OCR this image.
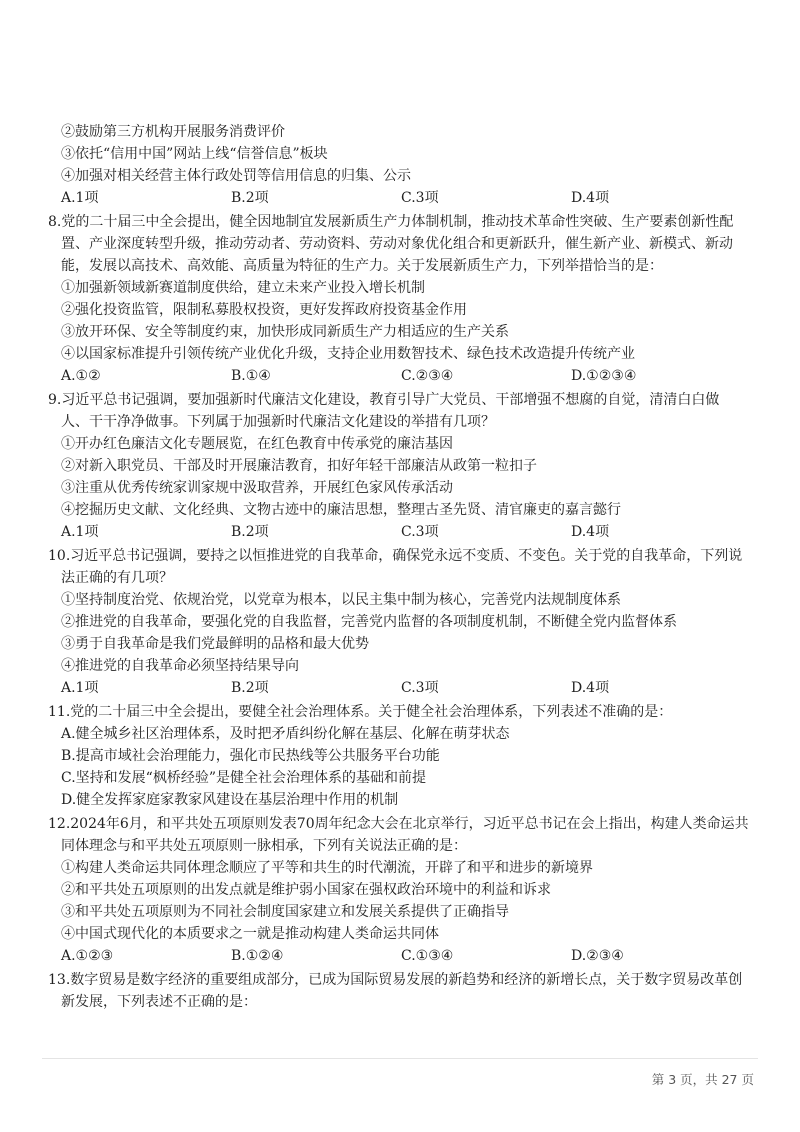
②鼓励第三方机构开展服务消费评价
③依托“信用中国”网站上线“信誉信息”板块
④加强对相关经营主体行政处罚等信用信息的归集、公示
A.1项	B.2项	C.3项	D.4项
8.党的二十届三中全会提出，健全因地制宜发展新质生产力体制机制，推动技术革命性突破、生产要素创新性配
置、产业深度转型升级，推动劳动者、劳动资料、劳动对象优化组合和更新跃升，催生新产业、新模式、新动
能，发展以高技术、高效能、高质量为特征的生产力。关于发展新质生产力，下列举措恰当的是：
①加强新领域新赛道制度供给，建立未来产业投入增长机制
②强化投资监管，限制私募股权投资，更好发挥政府投资基金作用
③放开环保、安全等制度约束，加快形成同新质生产力相适应的生产关系
④以国家标准提升引领传统产业优化升级，支持企业用数智技术、绿色技术改造提升传统产业
A.①②	B.①④	C.②③④	D.①②③④
9.习近平总书记强调，要加强新时代廉洁文化建设，教育引导广大党员、干部增强不想腐的自觉，清清白白做
人、干干净净做事。下列属于加强新时代廉洁文化建设的举措有几项？
①开办红色廉洁文化专题展览，在红色教育中传承党的廉洁基因
②对新入职党员、干部及时开展廉洁教育，扣好年轻干部廉洁从政第一粒扣子
③注重从优秀传统家训家规中汲取营养，开展红色家风传承活动
④挖掘历史文献、文化经典、文物古迹中的廉洁思想，整理古圣先贤、清官廉吏的嘉言懿行
A.1项	B.2项	C.3项	D.4项
10.习近平总书记强调，要持之以恒推进党的自我革命，确保党永远不变质、不变色。关于党的自我革命，下列说
法正确的有几项？
①坚持制度治党、依规治党，以党章为根本，以民主集中制为核心，完善党内法规制度体系
②推进党的自我革命，要强化党的自我监督，完善党内监督的各项制度机制，不断健全党内监督体系
③勇于自我革命是我们党最鲜明的品格和最大优势
④推进党的自我革命必须坚持结果导向
A.1项	B.2项	C.3项	D.4项
11.党的二十届三中全会提出，要健全社会治理体系。关于健全社会治理体系，下列表述不准确的是：
A.健全城乡社区治理体系，及时把矛盾纠纷化解在基层、化解在萌芽状态
B.提高市域社会治理能力，强化市民热线等公共服务平台功能
C.坚持和发展“枫桥经验”是健全社会治理体系的基础和前提
D.健全发挥家庭家教家风建设在基层治理中作用的机制
12.2024年6月，和平共处五项原则发表70周年纪念大会在北京举行，习近平总书记在会上指出，构建人类命运共
同体理念与和平共处五项原则一脉相承，下列有关说法正确的是：
①构建人类命运共同体理念顺应了平等和共生的时代潮流，开辟了和平和进步的新境界
②和平共处五项原则的出发点就是维护弱小国家在强权政治环境中的利益和诉求
③和平共处五项原则为不同社会制度国家建立和发展关系提供了正确指导
④中国式现代化的本质要求之一就是推动构建人类命运共同体
A.①②③	B.①②④	C.①③④	D.②③④
13.数字贸易是数字经济的重要组成部分，已成为国际贸易发展的新趋势和经济的新增长点，关于数字贸易改革创
新发展，下列表述不正确的是：
第 3 页，共 27 页
